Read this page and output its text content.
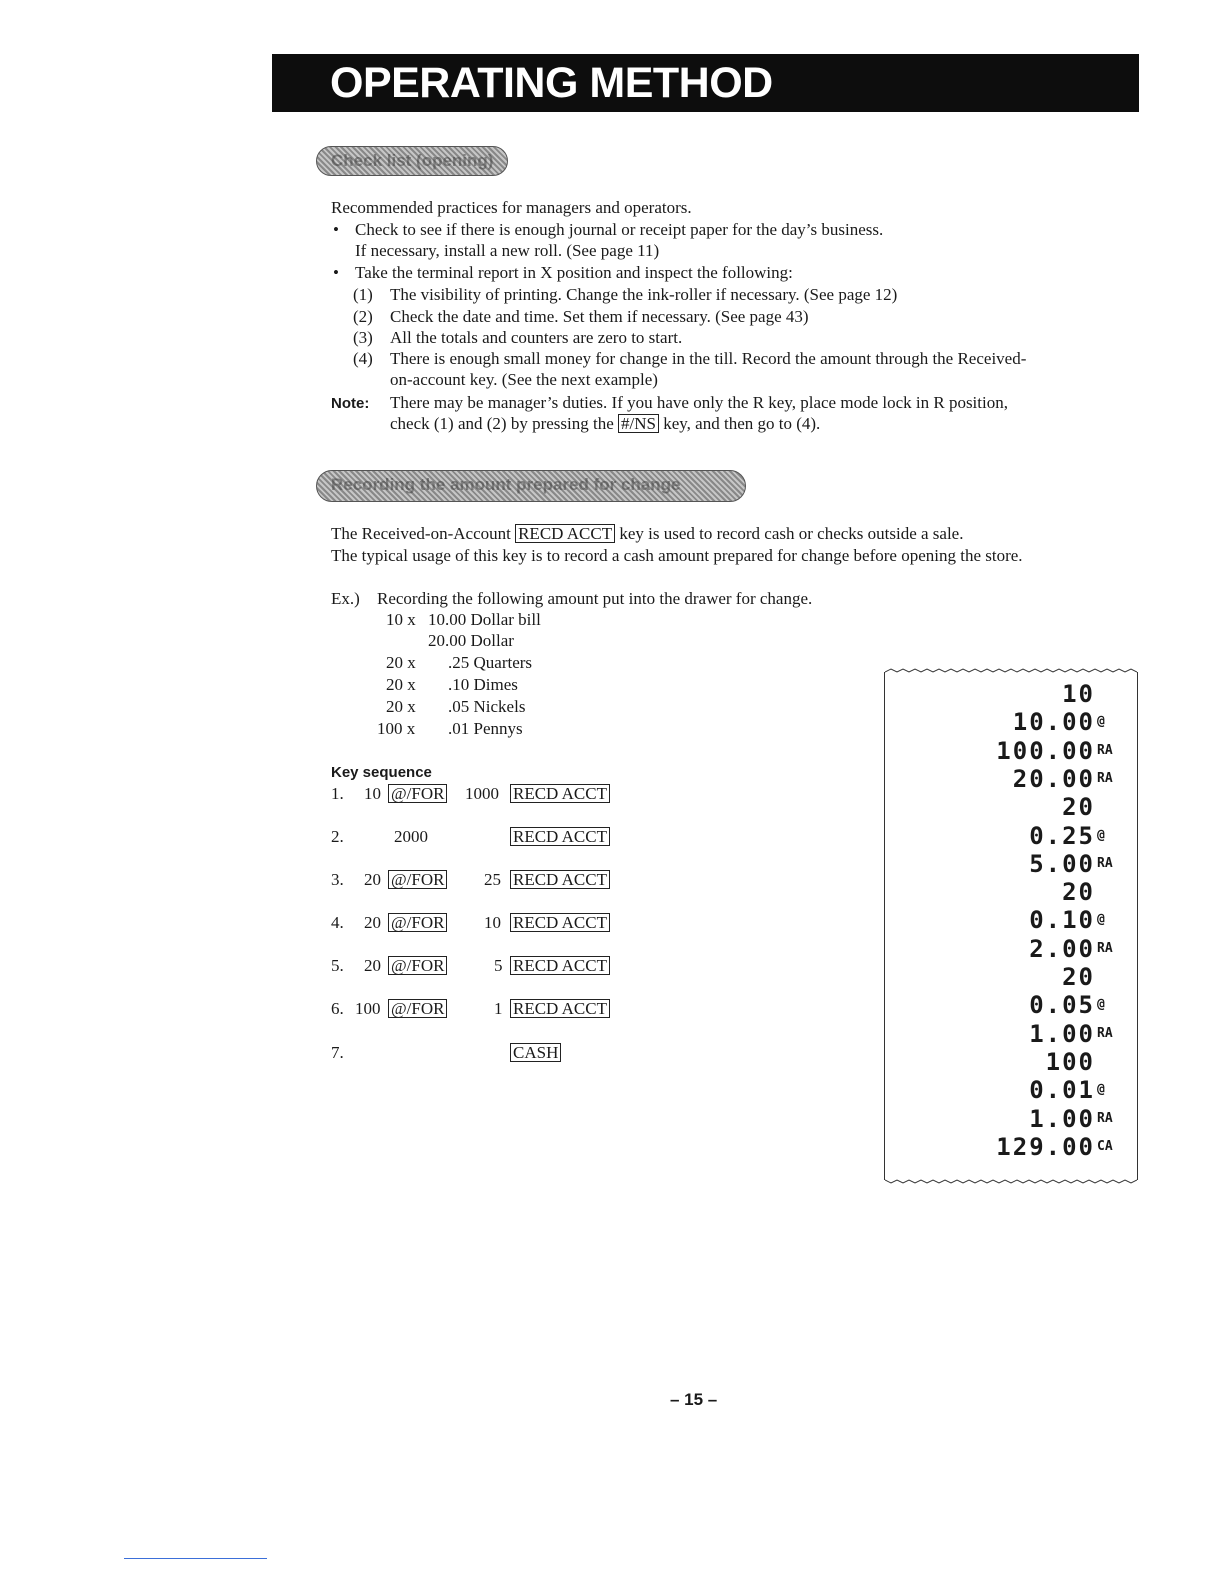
OPERATING METHOD
Check list (opening)
Recommended practices for managers and operators.
• Check to see if there is enough journal or receipt paper for the day’s business.
If necessary, install a new roll. (See page 11)
• Take the terminal report in X position and inspect the following:
(1) The visibility of printing. Change the ink-roller if necessary. (See page 12)
(2) Check the date and time. Set them if necessary. (See page 43)
(3) All the totals and counters are zero to start.
(4) There is enough small money for change in the till. Record the amount through the Received-
on-account key. (See the next example)
Note: There may be manager’s duties. If you have only the R key, place mode lock in R position,
check (1) and (2) by pressing the #/NS key, and then go to (4).
Recording the amount prepared for change
The Received-on-Account RECD ACCT key is used to record cash or checks outside a sale.
The typical usage of this key is to record a cash amount prepared for change before opening the store.
Ex.) Recording the following amount put into the drawer for change.
10 x 10.00 Dollar bill
20.00 Dollar
20 x .25 Quarters
20 x .10 Dimes
20 x .05 Nickels
100 x .01 Pennys
Key sequence
1. 10 @/FOR 1000 RECD ACCT
2.	2000	RECD ACCT
3. 20 @/FOR 25 RECD ACCT
4. 20 @/FOR 10 RECD ACCT
5. 20 @/FOR	5 RECD ACCT
6. 100 @/FOR	1 RECD ACCT
7.	CASH
10
10.00 @
100.00 RA
20.00 RA
20
0.25 @
5.00 RA
20
0.10 @
2.00 RA
20
0.05 @
1.00 RA
100
0.01 @
1.00 RA
129.00 CA
– 15 –
